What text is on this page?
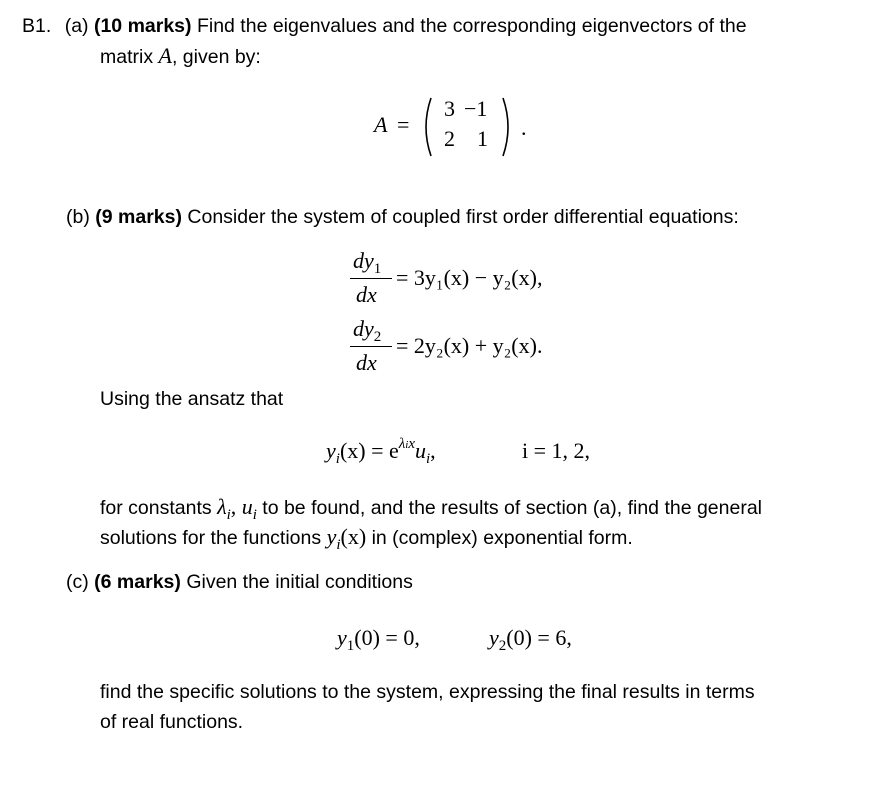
B1. (a) (10 marks) Find the eigenvalues and the corresponding eigenvectors of the
matrix A, given by:
A =
3 −1
2 1 .
(b) (9 marks) Consider the system of coupled first order differential equations:
$dy_1$
dx
= 3y₁(x) − y₂(x),
$dy_2$
dx
= 2y₂(x) + y₂(x).
Using the ansatz that
$y_i(x) = e^{\lambda ix}u_i$,	i = 1, 2,
for constants $\lambda_i$, $u_i$ to be found, and the results of section (a), find the general
solutions for the functions $y_i(x)$ in (complex) exponential form.
(c) (6 marks) Given the initial conditions
$y_1(0) = 0$,	$y_2(0) = 6$,
find the specific solutions to the system, expressing the final results in terms
of real functions.
